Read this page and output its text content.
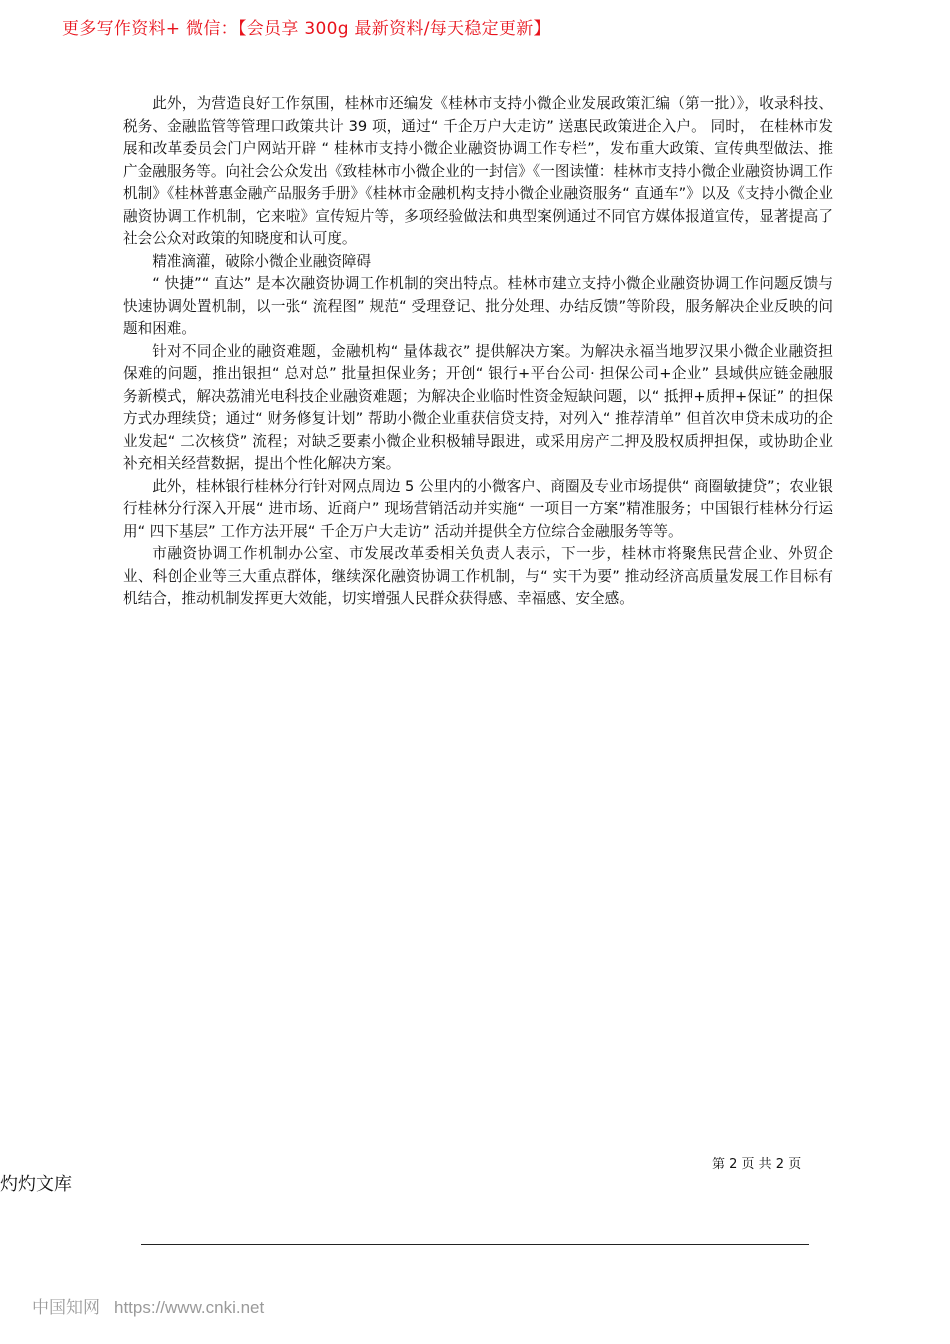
更多写作资料+ 微信：【会员享 300g 最新资料/每天稳定更新】

此外，为营造良好工作氛围，桂林市还编发《桂林市支持小微企业发展政策汇编（第一批）》，收录科技、税务、金融监管等管理口政策共计 39 项，通过“ 千企万户大走访” 送惠民政策进企入户。 同时， 在桂林市发展和改革委员会门户网站开辟 “ 桂林市支持小微企业融资协调工作专栏”，发布重大政策、宣传典型做法、推广金融服务等。向社会公众发出《致桂林市小微企业的一封信》《一图读懂：桂林市支持小微企业融资协调工作机制》《桂林普惠金融产品服务手册》《桂林市金融机构支持小微企业融资服务“ 直通车”》以及《支持小微企业融资协调工作机制，它来啦》宣传短片等，多项经验做法和典型案例通过不同官方媒体报道宣传，显著提高了社会公众对政策的知晓度和认可度。

精准滴灌，破除小微企业融资障碍

“ 快捷”“ 直达” 是本次融资协调工作机制的突出特点。桂林市建立支持小微企业融资协调工作问题反馈与快速协调处置机制，以一张“ 流程图” 规范“ 受理登记、批分处理、办结反馈”等阶段，服务解决企业反映的问题和困难。

针对不同企业的融资难题，金融机构“ 量体裁衣” 提供解决方案。为解决永福当地罗汉果小微企业融资担保难的问题，推出银担“ 总对总” 批量担保业务；开创“ 银行+平台公司· 担保公司+企业” 县域供应链金融服务新模式，解决荔浦光电科技企业融资难题；为解决企业临时性资金短缺问题，以“ 抵押+质押+保证” 的担保方式办理续贷；通过“ 财务修复计划” 帮助小微企业重获信贷支持，对列入“ 推荐清单” 但首次申贷未成功的企业发起“ 二次核贷” 流程；对缺乏要素小微企业积极辅导跟进，或采用房产二押及股权质押担保，或协助企业补充相关经营数据，提出个性化解决方案。

此外，桂林银行桂林分行针对网点周边 5 公里内的小微客户、商圈及专业市场提供“ 商圈敏捷贷”；农业银行桂林分行深入开展“ 进市场、近商户” 现场营销活动并实施“ 一项目一方案”精准服务；中国银行桂林分行运用“ 四下基层” 工作方法开展“ 千企万户大走访” 活动并提供全方位综合金融服务等等。

市融资协调工作机制办公室、市发展改革委相关负责人表示，下一步，桂林市将聚焦民营企业、外贸企业、科创企业等三大重点群体，继续深化融资协调工作机制，与“ 实干为要” 推动经济高质量发展工作目标有机结合，推动机制发挥更大效能，切实增强人民群众获得感、幸福感、安全感。

第 2 页 共 2 页
灼灼文库
中国知网 https://www.cnki.net
